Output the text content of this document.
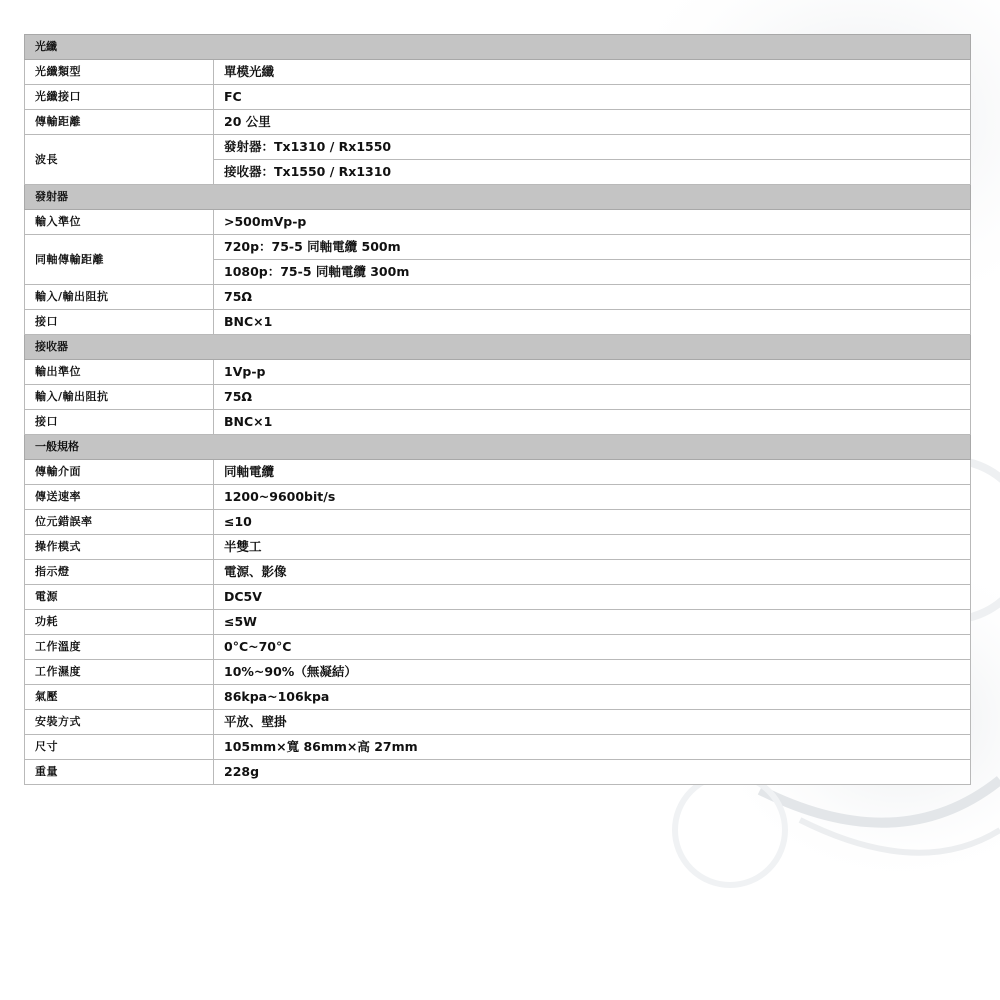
光纖	
光纖類型	單模光纖
光纖接口	FC
傳輸距離	20 公里
波長	發射器：Tx1310 / Rx1550
	接收器：Tx1550 / Rx1310
發射器	
輸入準位	>500mVp-p
同軸傳輸距離	720p：75-5 同軸電纜 500m
	1080p：75-5 同軸電纜 300m
輸入/輸出阻抗	75Ω
接口	BNC×1
接收器	
輸出準位	1Vp-p
輸入/輸出阻抗	75Ω
接口	BNC×1
一般規格	
傳輸介面	同軸電纜
傳送速率	1200~9600bit/s
位元錯誤率	≤10
操作模式	半雙工
指示燈	電源、影像
電源	DC5V
功耗	≤5W
工作溫度	0°C~70°C
工作濕度	10%~90%（無凝結）
氣壓	86kpa~106kpa
安裝方式	平放、壁掛
尺寸	105mm×寬 86mm×高 27mm
重量	228g
